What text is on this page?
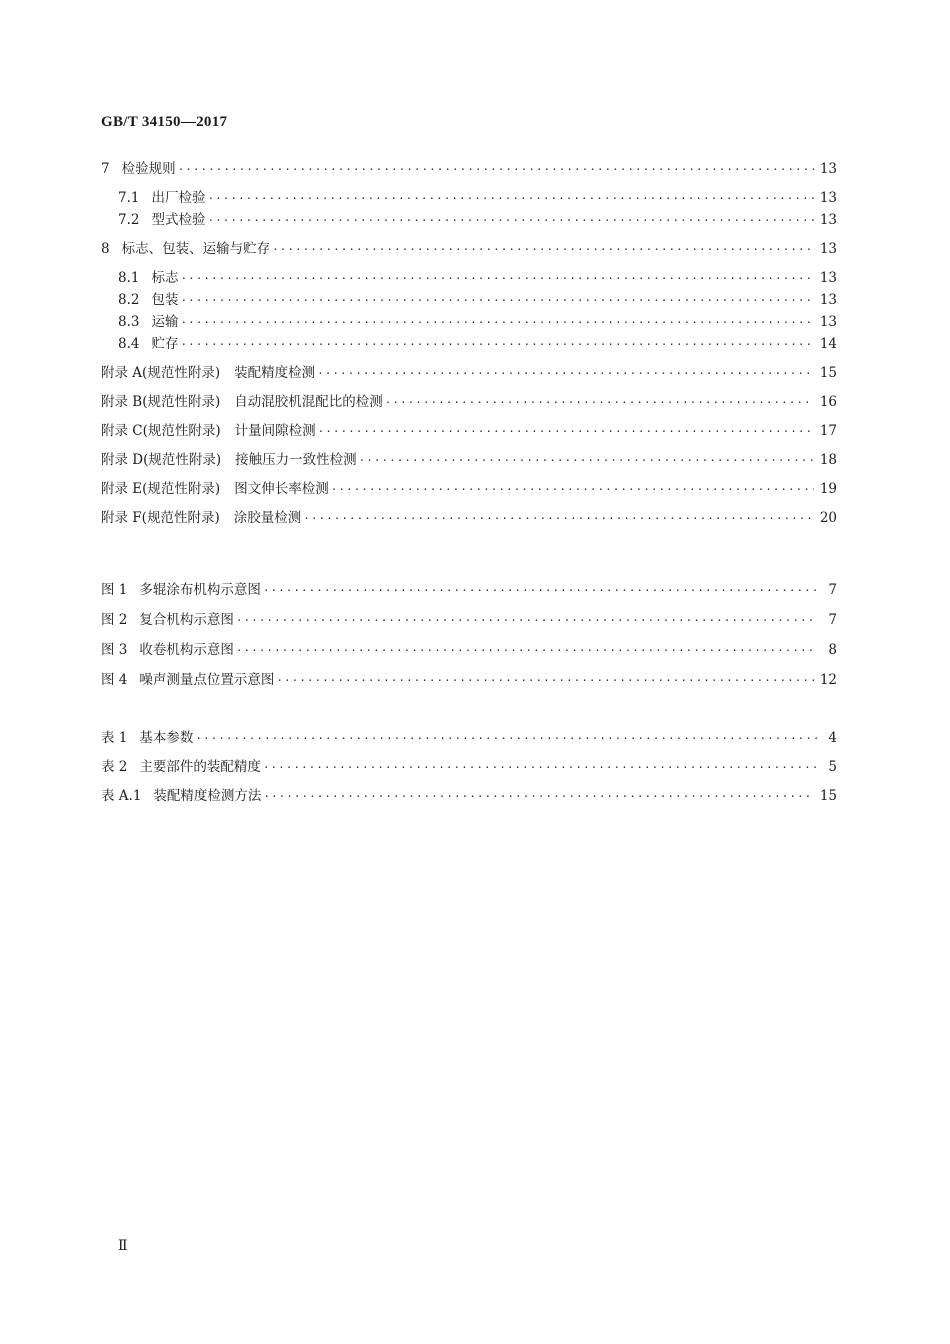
GB/T 34150—2017
7 检验规则 ·····	13
7.1 出厂检验 ·····	13
7.2 型式检验 ·····	13
8 标志、包装、运输与贮存 ·····	13
8.1 标志 ·····	13
8.2 包装 ·····	13
8.3 运输 ·····	13
8.4 贮存 ·····	14
附录 A (规范性附录)	装配精度检测 ·····	15
附录 B (规范性附录)	自动混胶机混配比的检测 ·····	16
附录 C (规范性附录)	计量间隙检测 ·····	17
附录 D (规范性附录)	接触压力一致性检测 ·····	18
附录 E (规范性附录)	图文伸长率检测 ·····	19
附录 F (规范性附录)	涂胶量检测 ·····	20
图 1 多辊涂布机构示意图 ·····	7
图 2 复合机构示意图 ·····	7
图 3 收卷机构示意图 ·····	8
图 4 噪声测量点位置示意图 ·····	12
表 1 基本参数 ·····	4
表 2 主要部件的装配精度 ·····	5
表 A.1 装配精度检测方法 ·····	15
Ⅱ
